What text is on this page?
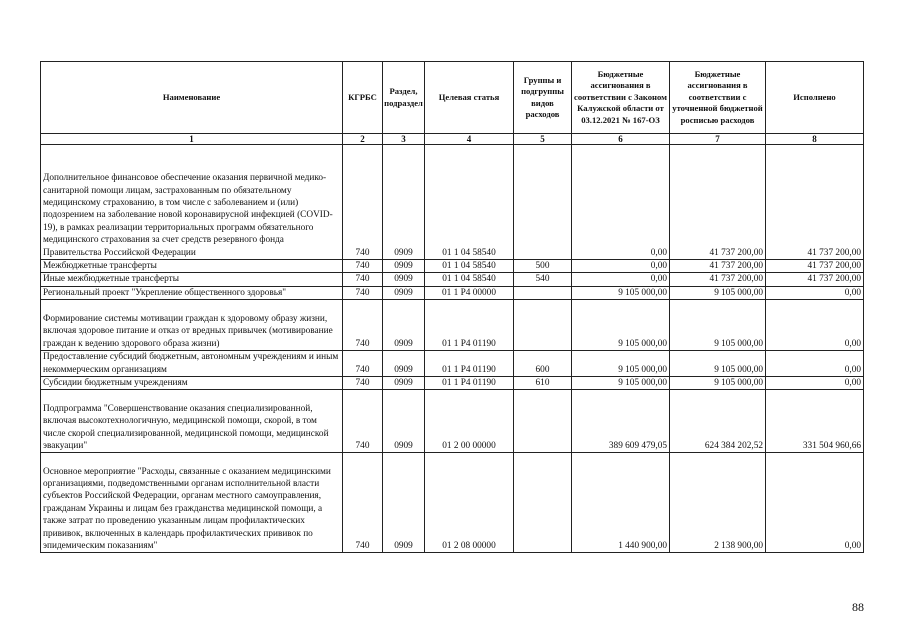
Наименование	КГРБС	Раздел, подраздел	Целевая статья	Группы и подгруппы видов расходов	Бюджетные ассигнования в соответствии с Законом Калужской области от 03.12.2021 № 167-ОЗ	Бюджетные ассигнования в соответствии с уточненной бюджетной росписью расходов	Исполнено
1	2	3	4	5	6	7	8
Дополнительное финансовое обеспечение оказания первичной медико-санитарной помощи лицам, застрахованным по обязательному медицинскому страхованию, в том числе с заболеванием и (или) подозрением на заболевание новой коронавирусной инфекцией (COVID-19), в рамках реализации территориальных программ обязательного медицинского страхования за счет средств резервного фонда Правительства Российской Федерации	740	0909	01 1 04 58540		0,00	41 737 200,00	41 737 200,00
Межбюджетные трансферты	740	0909	01 1 04 58540	500	0,00	41 737 200,00	41 737 200,00
Иные межбюджетные трансферты	740	0909	01 1 04 58540	540	0,00	41 737 200,00	41 737 200,00
Региональный проект "Укрепление общественного здоровья"	740	0909	01 1 P4 00000		9 105 000,00	9 105 000,00	0,00
Формирование системы мотивации граждан к здоровому образу жизни, включая здоровое питание и отказ от вредных привычек (мотивирование граждан к ведению здорового образа жизни)	740	0909	01 1 P4 01190		9 105 000,00	9 105 000,00	0,00
Предоставление субсидий бюджетным, автономным учреждениям и иным некоммерческим организациям	740	0909	01 1 P4 01190	600	9 105 000,00	9 105 000,00	0,00
Субсидии бюджетным учреждениям	740	0909	01 1 P4 01190	610	9 105 000,00	9 105 000,00	0,00
Подпрограмма "Совершенствование оказания специализированной, включая высокотехнологичную, медицинской помощи, скорой, в том числе скорой специализированной, медицинской помощи, медицинской эвакуации"	740	0909	01 2 00 00000		389 609 479,05	624 384 202,52	331 504 960,66
Основное мероприятие "Расходы, связанные с оказанием медицинскими организациями, подведомственными органам исполнительной власти субъектов Российской Федерации, органам местного самоуправления, гражданам Украины и лицам без гражданства медицинской помощи, а также затрат по проведению указанным лицам профилактических прививок, включенных в календарь профилактических прививок по эпидемическим показаниям"	740	0909	01 2 08 00000		1 440 900,00	2 138 900,00	0,00
88
